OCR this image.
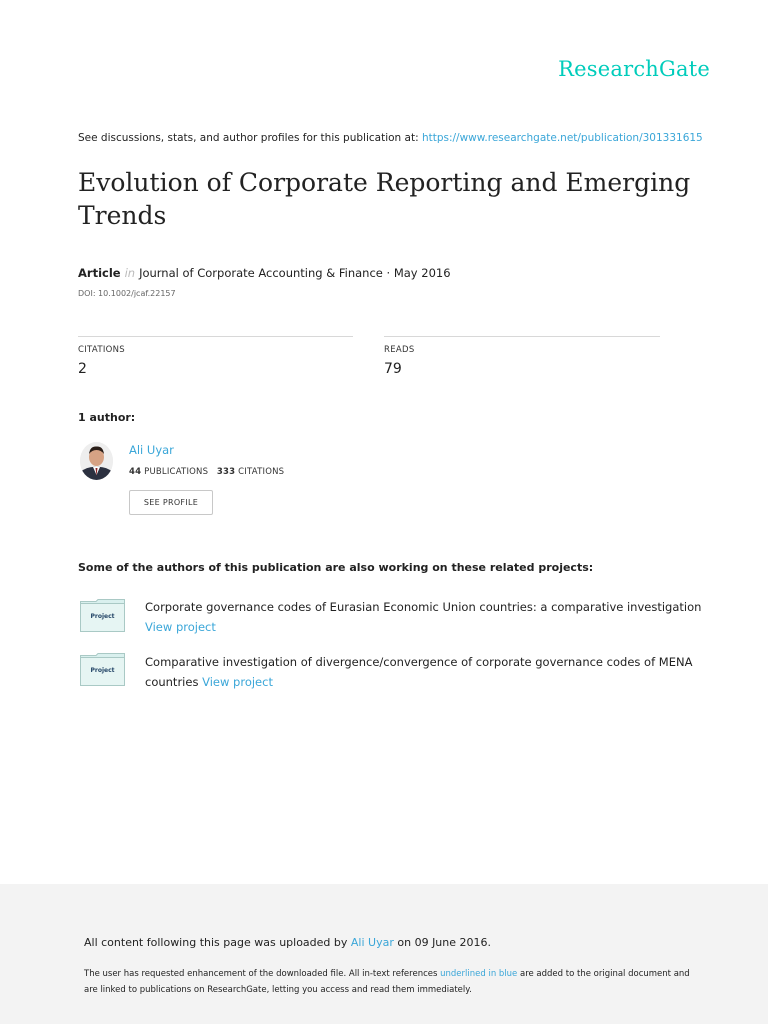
ResearchGate
See discussions, stats, and author profiles for this publication at: https://www.researchgate.net/publication/301331615
Evolution of Corporate Reporting and Emerging Trends
Article in Journal of Corporate Accounting & Finance · May 2016
DOI: 10.1002/jcaf.22157
CITATIONS
2
READS
79
1 author:
Ali Uyar
44 PUBLICATIONS 333 CITATIONS
SEE PROFILE
Some of the authors of this publication are also working on these related projects:
Project
Corporate governance codes of Eurasian Economic Union countries: a comparative investigation View project
Project
Comparative investigation of divergence/convergence of corporate governance codes of MENA countries View project
All content following this page was uploaded by Ali Uyar on 09 June 2016.
The user has requested enhancement of the downloaded file. All in-text references underlined in blue are added to the original document and are linked to publications on ResearchGate, letting you access and read them immediately.
